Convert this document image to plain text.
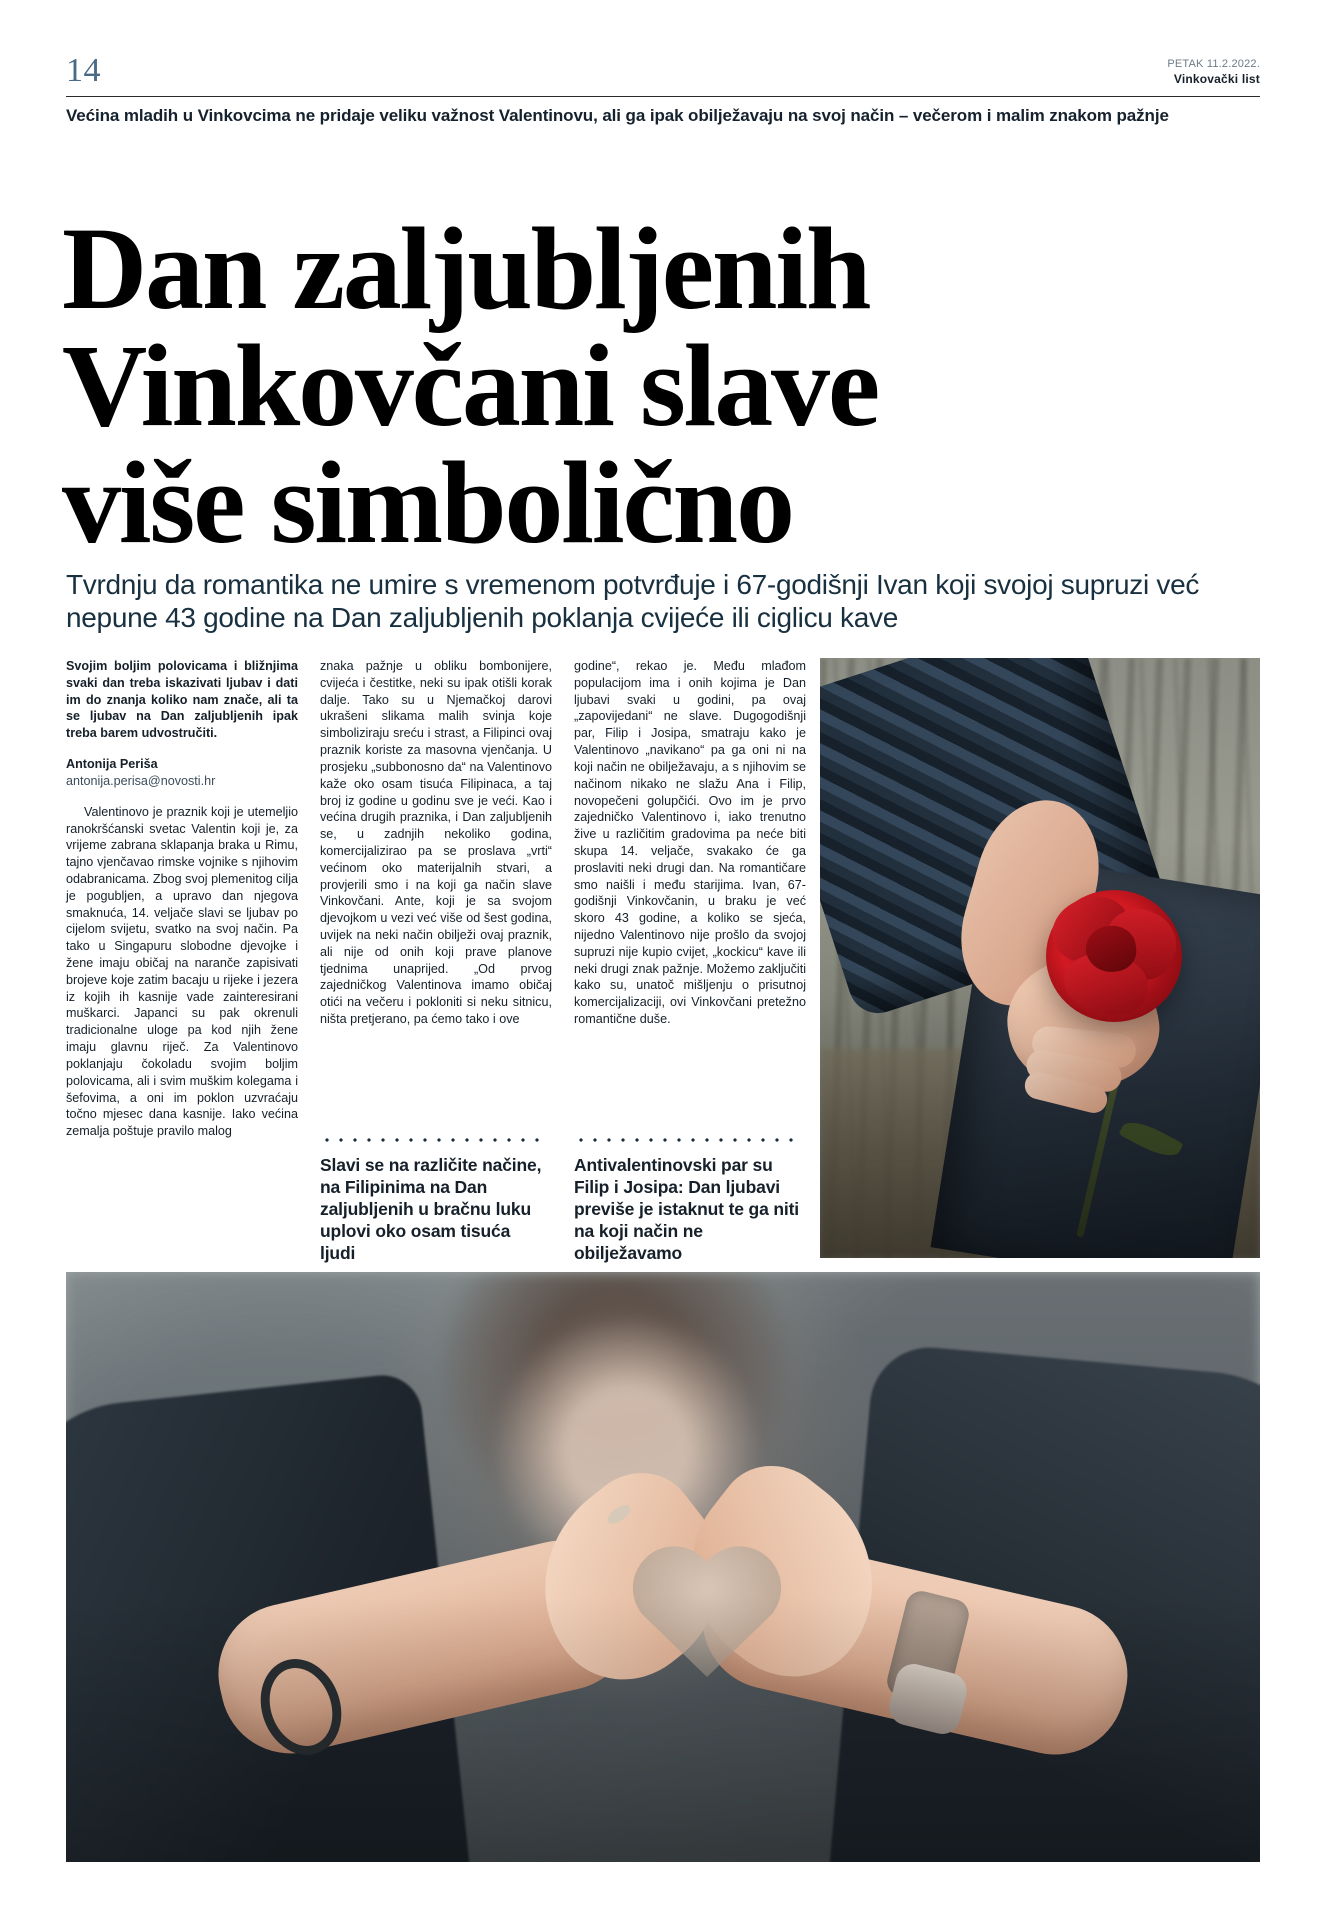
14	PETAK 11.2.2022.
Vinkovački list
Većina mladih u Vinkovcima ne pridaje veliku važnost Valentinovu, ali ga ipak obilježavaju na svoj način – večerom i malim znakom pažnje
Dan zaljubljenih
Vinkovčani slave
više simbolično
Tvrdnju da romantika ne umire s vremenom potvrđuje i 67-godišnji Ivan koji svojoj supruzi već nepune 43 godine na Dan zaljubljenih poklanja cvijeće ili ciglicu kave

Svojim boljim polovicama i bližnjima svaki dan treba iskazivati ljubav i dati im do znanja koliko nam znače, ali ta se ljubav na Dan zaljubljenih ipak treba barem udvostručiti.

Antonija Periša

antonija.perisa@novosti.hr

Valentinovo je praznik koji je utemeljio ranokršćanski svetac Valentin koji je, za vrijeme zabrana sklapanja braka u Rimu, tajno vjenčavao rimske vojnike s njihovim odabranicama. Zbog svoj plemenitog cilja je pogubljen, a upravo dan njegova smaknuća, 14. veljače slavi se ljubav po cijelom svijetu, svatko na svoj način. Pa tako u Singapuru slobodne djevojke i žene imaju običaj na naranče zapisivati brojeve koje zatim bacaju u rijeke i jezera iz kojih ih kasnije vade zainteresirani muškarci. Japanci su pak okrenuli tradicionalne uloge pa kod njih žene imaju glavnu riječ. Za Valentinovo poklanjaju čokoladu svojim boljim polovicama, ali i svim muškim kolegama i šefovima, a oni im poklon uzvraćaju točno mjesec dana kasnije. Iako većina zemalja poštuje pravilo malog

znaka pažnje u obliku bombonijere, cvijeća i čestitke, neki su ipak otišli korak dalje. Tako su u Njemačkoj darovi ukrašeni slikama malih svinja koje simboliziraju sreću i strast, a Filipinci ovaj praznik koriste za masovna vjenčanja. U prosjeku „subbonosno da“ na Valentinovo kaže oko osam tisuća Filipinaca, a taj broj iz godine u godinu sve je veći. Kao i većina drugih praznika, i Dan zaljubljenih se, u zadnjih nekoliko godina, komercijalizirao pa se proslava „vrti“ većinom oko materijalnih stvari, a provjerili smo i na koji ga način slave Vinkovčani. Ante, koji je sa svojom djevojkom u vezi već više od šest godina, uvijek na neki način obilježi ovaj praznik, ali nije od onih koji prave planove tjednima unaprijed. „Od prvog zajedničkog Valentinova imamo običaj otići na večeru i pokloniti si neku sitnicu, ništa pretjerano, pa ćemo tako i ove

godine“, rekao je. Među mlađom populacijom ima i onih kojima je Dan ljubavi svaki u godini, pa ovaj „zapovijedani“ ne slave. Dugogodišnji par, Filip i Josipa, smatraju kako je Valentinovo „navikano“ pa ga oni ni na koji način ne obilježavaju, a s njihovim se načinom nikako ne slažu Ana i Filip, novopečeni golupčići. Ovo im je prvo zajedničko Valentinovo i, iako trenutno žive u različitim gradovima pa neće biti skupa 14. veljače, svakako će ga proslaviti neki drugi dan. Na romantičare smo naišli i među starijima. Ivan, 67-godišnji Vinkovčanin, u braku je već skoro 43 godine, a koliko se sjeća, nijedno Valentinovo nije prošlo da svojoj supruzi nije kupio cvijet, „kockicu“ kave ili neki drugi znak pažnje. Možemo zaključiti kako su, unatoč mišljenju o prisutnoj komercijalizaciji, ovi Vinkovčani pretežno romantične duše.

Slavi se na različite načine, na Filipinima na Dan zaljubljenih u bračnu luku uplovi oko osam tisuća ljudi
Antivalentinovski par su Filip i Josipa: Dan ljubavi previše je istaknut te ga niti na koji način ne obilježavamo
